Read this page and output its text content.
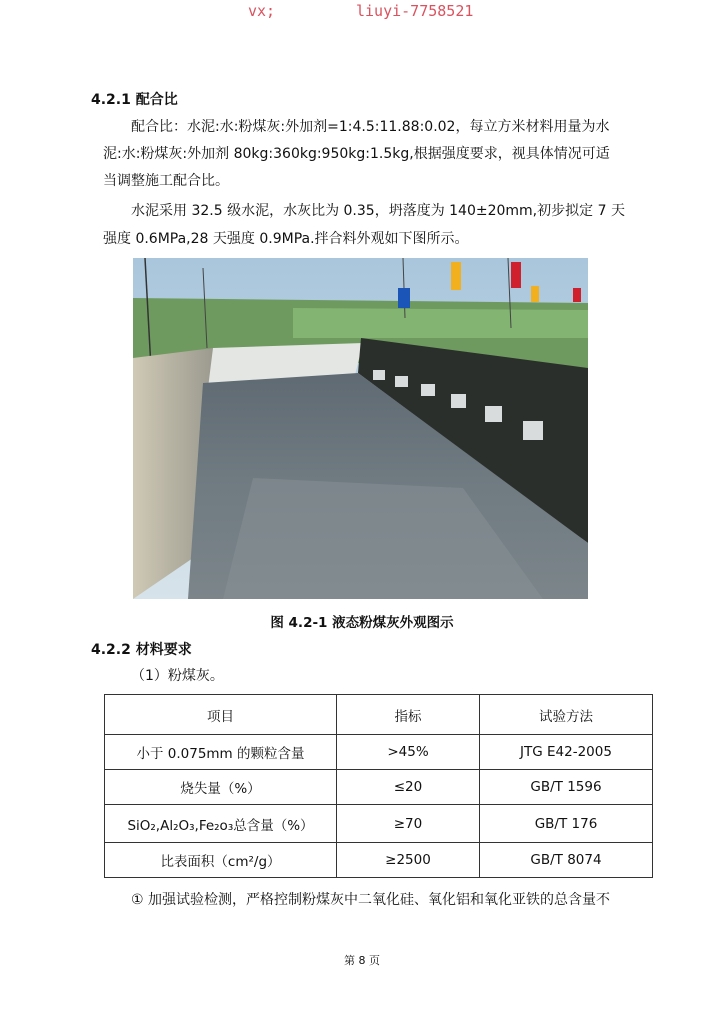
vx;	liuyi-7758521
4.2.1 配合比
配合比：水泥:水:粉煤灰:外加剂=1:4.5:11.88:0.02，每立方米材料用量为水
泥:水:粉煤灰:外加剂 80kg:360kg:950kg:1.5kg,根据强度要求，视具体情况可适
当调整施工配合比。
水泥采用 32.5 级水泥，水灰比为 0.35，坍落度为 140±20mm,初步拟定 7 天
强度 0.6MPa,28 天强度 0.9MPa.拌合料外观如下图所示。
图 4.2-1 液态粉煤灰外观图示
4.2.2 材料要求
（1）粉煤灰。
项目	指标	试验方法
小于 0.075mm 的颗粒含量	>45%	JTG E42-2005
烧失量（%）	≤20	GB/T 1596
SiO₂,Al₂O₃,Fe₂o₃总含量（%）	≥70	GB/T 176
比表面积（cm²/g）	≥2500	GB/T 8074
① 加强试验检测，严格控制粉煤灰中二氧化硅、氧化铝和氧化亚铁的总含量不
第 8 页
